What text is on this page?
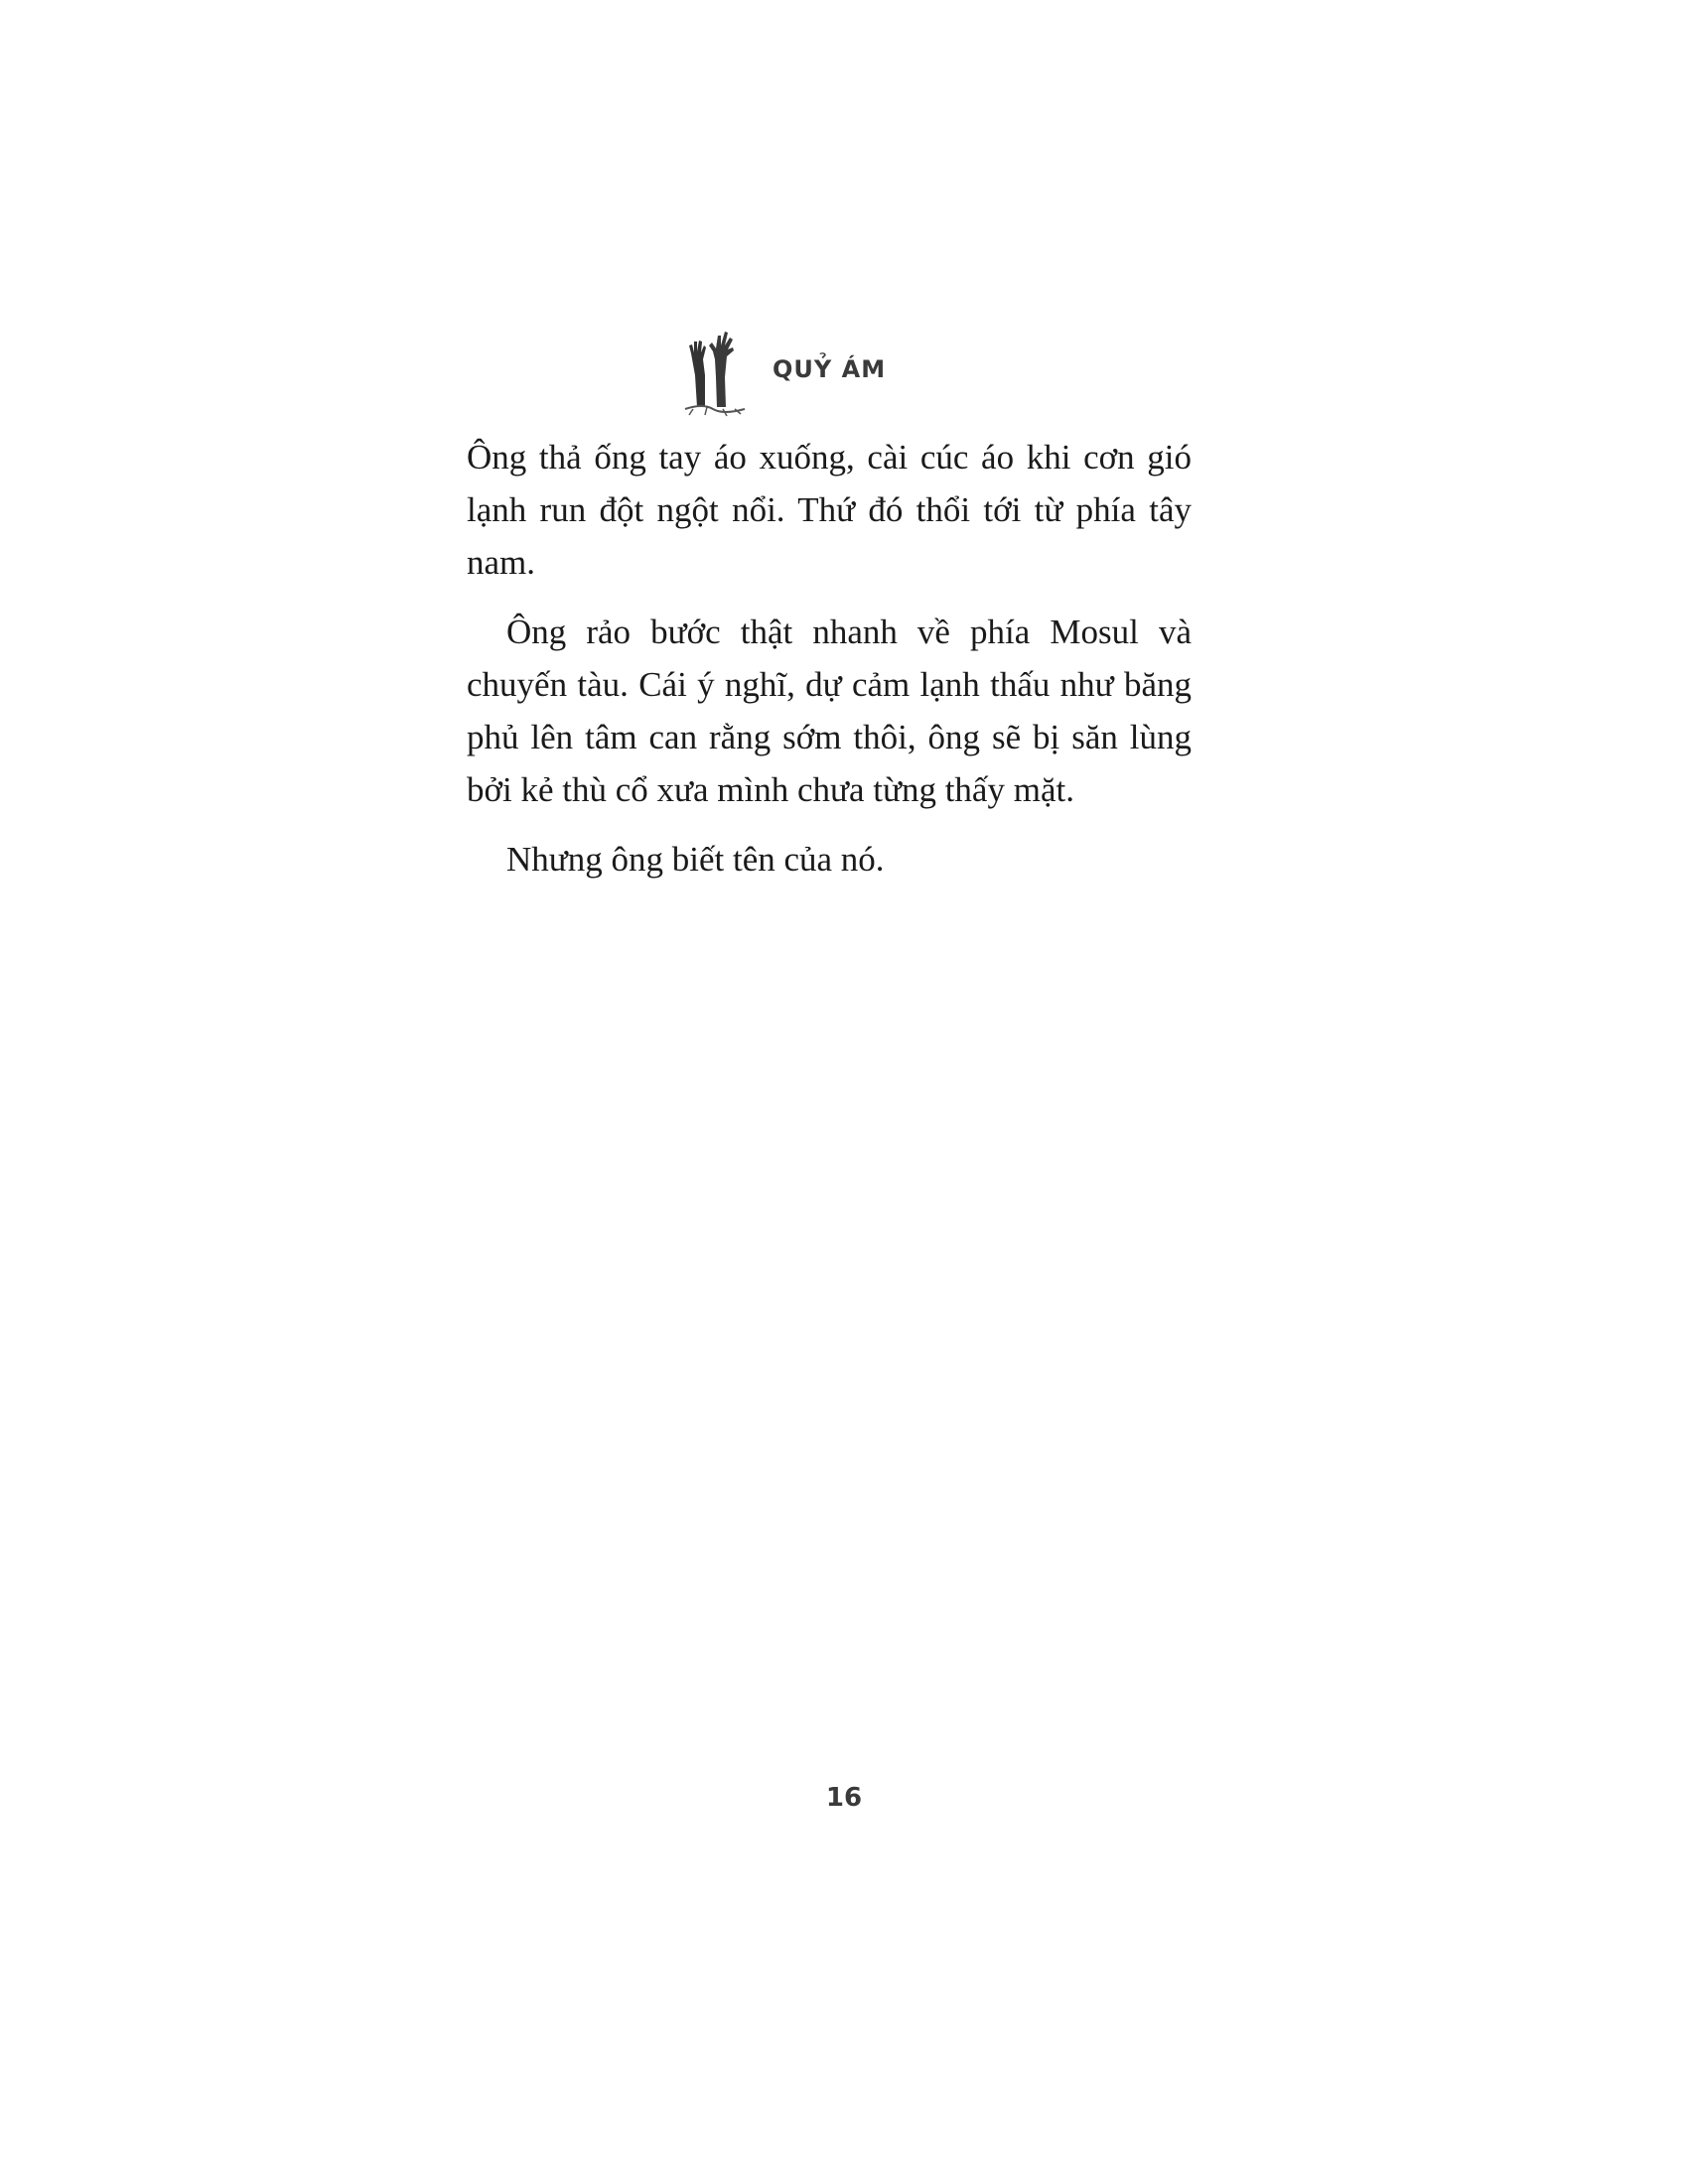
QUỶ ÁM

Ông thả ống tay áo xuống, cài cúc áo khi cơn gió lạnh run đột ngột nổi. Thứ đó thổi tới từ phía tây nam.

Ông rảo bước thật nhanh về phía Mosul và chuyến tàu. Cái ý nghĩ, dự cảm lạnh thấu như băng phủ lên tâm can rằng sớm thôi, ông sẽ bị săn lùng bởi kẻ thù cổ xưa mình chưa từng thấy mặt.

Nhưng ông biết tên của nó.

16
